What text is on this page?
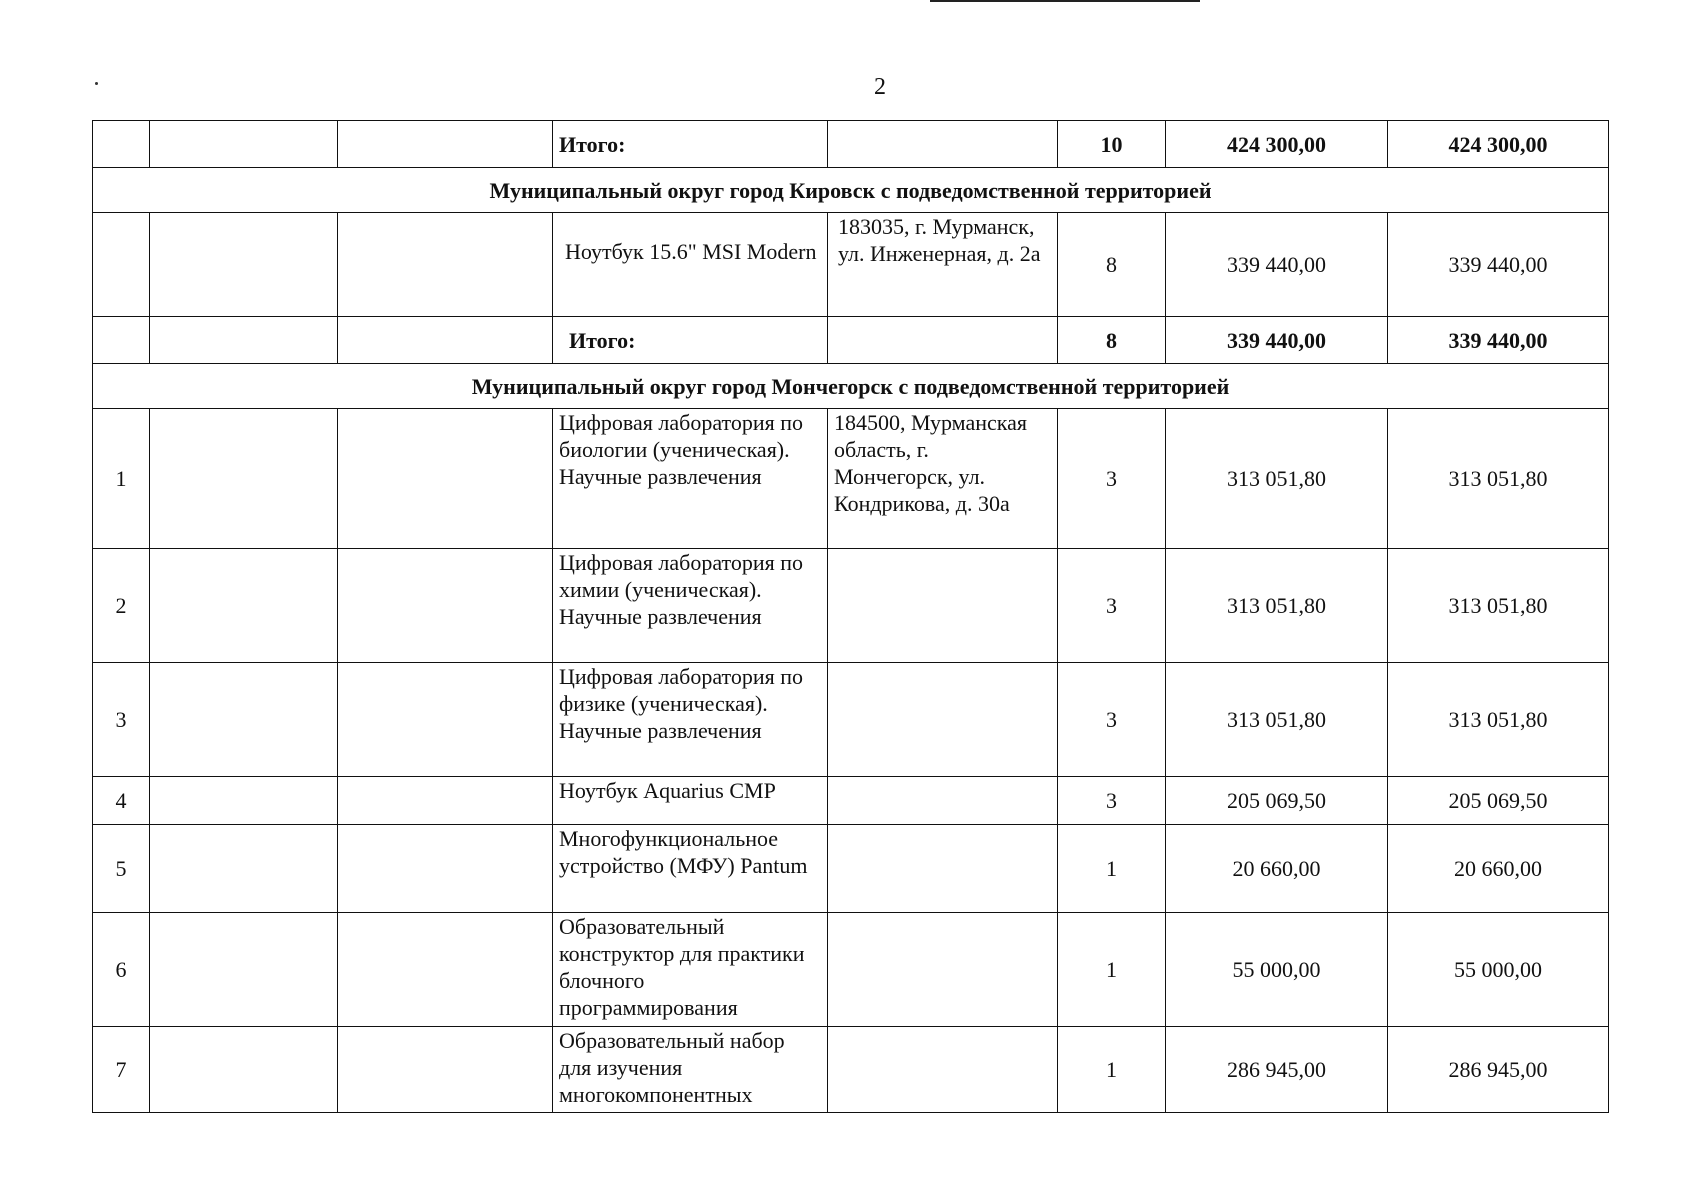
2
			Итого:		10	424 300,00	424 300,00
Муниципальный округ город Кировск с подведомственной территорией							
			Ноутбук 15.6" MSI Modern	183035, г. Мурманск, ул. Инженерная, д. 2а	8	339 440,00	339 440,00
			Итого:		8	339 440,00	339 440,00
Муниципальный округ город Мончегорск с подведомственной территорией							
1			Цифровая лаборатория по биологии (ученическая). Научные развлечения	184500, Мурманская область, г. Мончегорск, ул. Кондрикова, д. 30а	3	313 051,80	313 051,80
2			Цифровая лаборатория по химии (ученическая). Научные развлечения		3	313 051,80	313 051,80
3			Цифровая лаборатория по физике (ученическая). Научные развлечения		3	313 051,80	313 051,80
4			Ноутбук Aquarius CMP		3	205 069,50	205 069,50
5			Многофункциональное устройство (МФУ) Pantum		1	20 660,00	20 660,00
6			Образовательный конструктор для практики блочного программирования		1	55 000,00	55 000,00
7			Образовательный набор для изучения многокомпонентных		1	286 945,00	286 945,00
